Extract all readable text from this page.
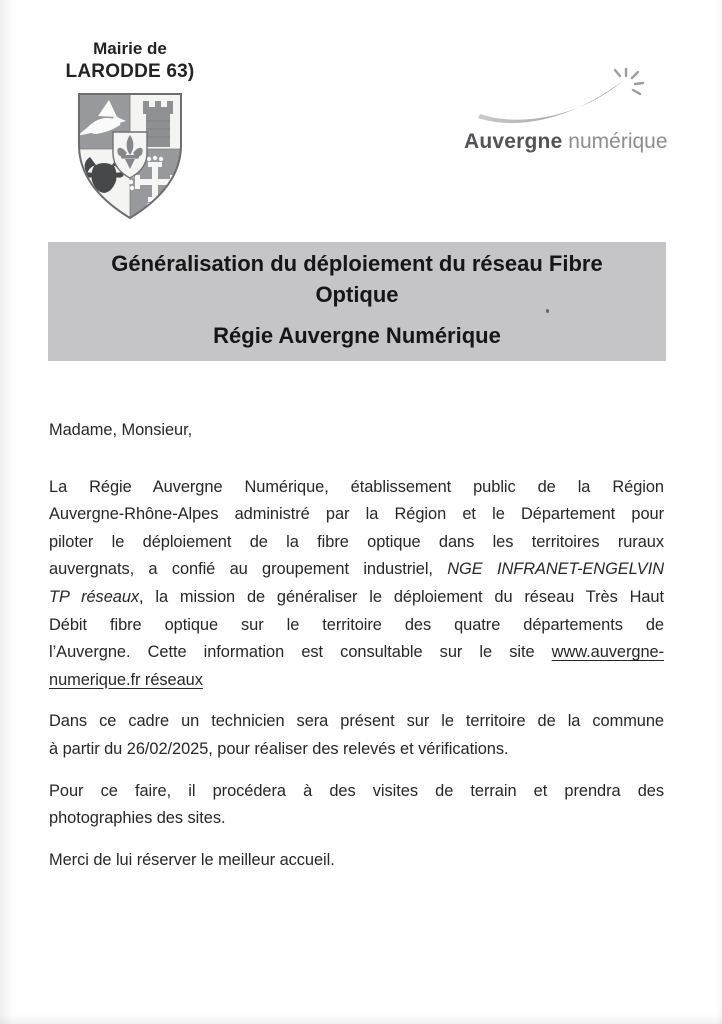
Mairie de
LARODDE 63)
Auvergne numérique
Généralisation du déploiement du réseau Fibre
Optique
Régie Auvergne Numérique
Madame, Monsieur,
La Régie Auvergne Numérique, établissement public de la Région
Auvergne-Rhône-Alpes administré par la Région et le Département pour
piloter le déploiement de la fibre optique dans les territoires ruraux
auvergnats, a confié au groupement industriel, NGE INFRANET-ENGELVIN
TP réseaux, la mission de généraliser le déploiement du réseau Très Haut
Débit fibre optique sur le territoire des quatre départements de
l’Auvergne. Cette information est consultable sur le site www.auvergne-
numerique.fr réseaux
Dans ce cadre un technicien sera présent sur le territoire de la commune
à partir du 26/02/2025, pour réaliser des relevés et vérifications.
Pour ce faire, il procédera à des visites de terrain et prendra des
photographies des sites.
Merci de lui réserver le meilleur accueil.
